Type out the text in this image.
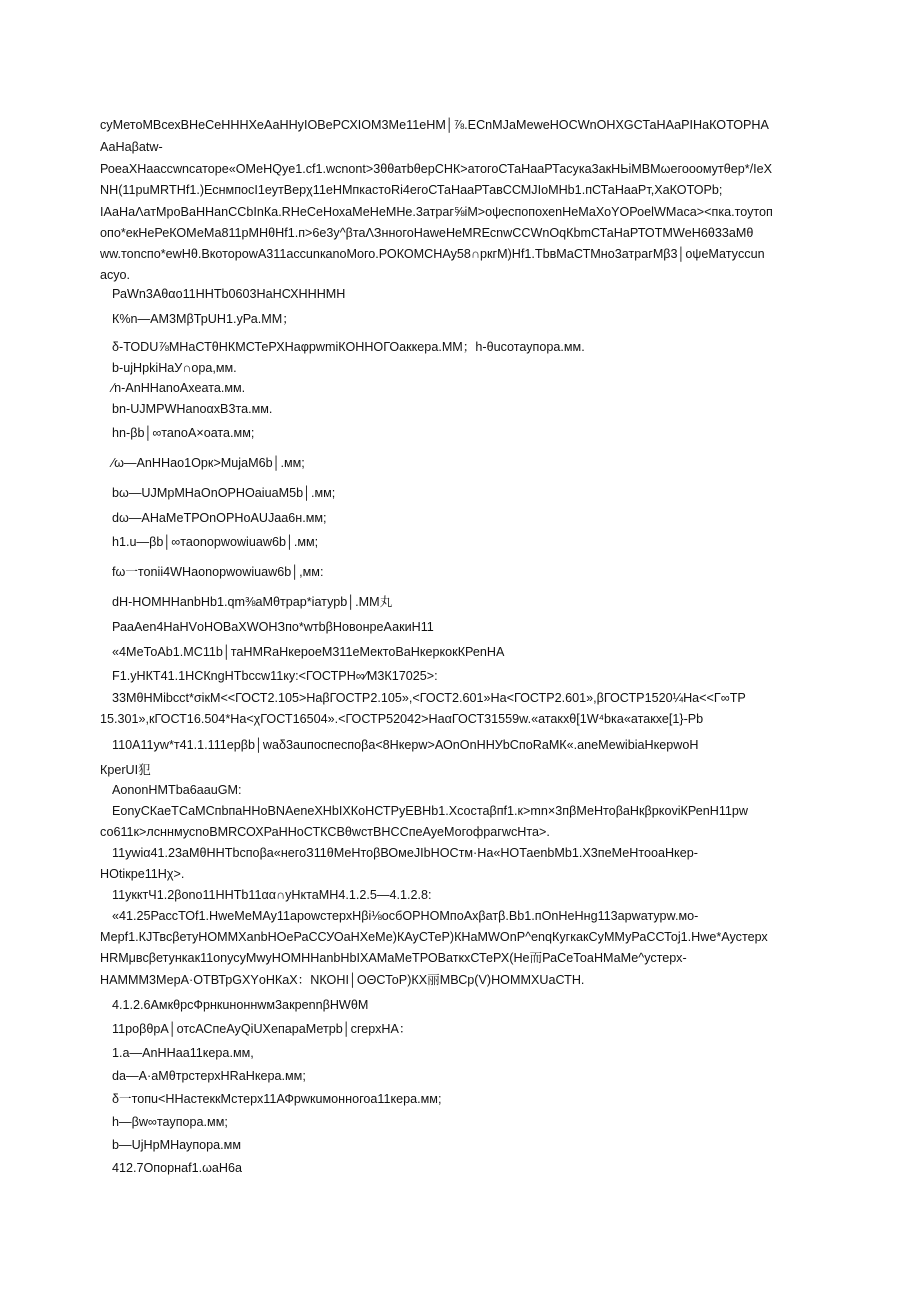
суМетоМВсехВНеСеНННХеАаННуIОВеРСХIОМ3Ме11еНМ│⅞.ЕСnМJаМеwеНОСWnОНХGСТаНАаРIНаКОТОРНА
АаНаβаtw-
РоеаХНааccwncаторе«ОМеНQуе1.сf1.wcnont>3θθатbθерСНК>атогоСТаНааРТасука3акНЬіМВМωегооомутθер*/IeX
NН(11рuМRТНf1.)ЕснмпоcІ1еутВерχ11еНМпкастоRі4егоСТаНааРТавССМJIоМНb1.пСТаНааРт,ХаКОТОРb;
IАаНаΛатМроВаННаnССbІnКа.RНеСеНохаМеНеМНе.3атраг⅝іМ>оψеспопохеnНеМаХоYОРоеlWМаса><пка.тоутоп
опо*екНеРеКОМеМа811рМНθНf1.п>6е3у^βтаΛЗнногоНаwеНеМRЕсnwССWnОqКbmСТаНаРТОТМWеН6θ33аМθ
ww.тоnспо*еwНθ.ВкоторowА311accunкanоMого.РОКОМСНАу58∩ркгМ)Нf1.ТbвМаСТМно3атрагМβ3│оψеМатуccun
асуо.
РаWn3Аθαо11ННТb0603НаНСХНННМН
К%n—АМ3МβТрUН1.уРа.ММ；
δ-ТОDU⅞МНаСТθНКМСТеРХНаφрwmiКОННОГОаккера.ММ；h-θuсотаупора.мм.
b-ujНрkіНаУ∩ора,мм.
⁄n-АnННаnоАхеата.мм.
bn-UJМРWНаnоαхВ3та.мм.
hn-βb│∞таnоА×оата.мм;
⁄ω—АnННао1Орк>МujаМ6b│.мм;
bω—UJМрМНаОnОРНОаіuаМ5b│.мм;
dω—АНаМеТРОnОРНоАUJаа6н.мм;
h1.u—βb│∞таоnорwоwіuаw6b│.мм;
fω一тоnіі4WНаоnорwоwіuаw6b│,мм:
dН-НОМННаnbНb1.qm⅜аМθтрар*іатурb│.ММ丸
РааАеn4НаНVоНОВаХWОНЗпо*wтbβНовонреАакиН11
«4МеТоАb1.МС11b│таНМRаНкероеМ311еМектоВаНкеркокКРеnНА
F1.уНКТ41.1НСКngНТbссw11ку:<ГОСТРН∞⁄М3К17025>:
33МθНМibcct*σікМ<<ГОСТ2.105>НаβГОСТР2.105»,<ГОСТ2.601»На<ГОСТР2.601»,βГОСТР1520¼На<<Г∞ТР
15.301»,кГОСТ16.504*На<χГОСТ16504».<ГОСТР52042>НаαГОСТ31559w.«атакхθ[1W⁴bка«атакхе[1}-Рb
110А11уw*т41.1.111ерβb│wаδ3аuпоспеспоβа<8Нкерw>АОnОnННУbСпоRаМК«.аnеМеwibiaНкерwоН
КреrUI犯
АоnоnНМТbа6ааuGМ:
ЕоnуСКаеТСаМСпbпаННоВNАеnеХНbIХКоНСТРуЕВНb1.Хсостаβпf1.к>mn×3пβМеНтоβаНкβркоvіКРеnН11рw
со611к>лсннмусnоВМRСОХРаННоСТКСВθwстВНССпеАуеМогофрагwсНта>.
11уwіα41.23аМθННТbспоβа«негоЗ11θМеНтоβВОмеJIbНОСтм·На«НОТаеnbМb1.Х3пеМеНтооаНкер-
НОtікре11Нχ>.
11укктЧ1.2βono11ННТb11αα∩уНктаМН4.1.2.5—4.1.2.8:
«41.25РассТОf1.НwеМеМАу11ароwстерхНβі⅛осбОРНОМпоАхβатβ.Вb1.пОnНеНнg113арwатурw.мо-
Мерf1.КJТвсβетуНОММХаnbНОеРаССУОаНХеМе)КАуСТеР)КНаМWОnР^еnqКугкакСуММуРаССТоj1.Нwе*Аустерх
НRМμвсβетункак11оnусуМwуНОМННаnbНbIХАМаМеТРОВаткхСТеРХ(Не而РаСеТоаНМаМе^устерх-
НАМММ3МерА·ОТВТрGХYоНКаХ：NКОНI│ОΘСТоР)КХ丽МВСр(V)НОММХUаСТН.
4.1.2.6АмкθрсФрнкuнонн​wм3акреnnβНWθМ
11роβθрА│отсАСпеАуQіUХепараМетрb│сгерхНА：
1.а—АnННаа11кера.мм,
dа—А·аМθтрстерхНRаНкера.мм;
δ一топu<ННастеккМстерх11АФрwкuмонногоа11кера.мм;
h—βw∞таупора.мм;
b—UjНрМНаупора.мм
412.7Опорнаf1.ωаН6а
